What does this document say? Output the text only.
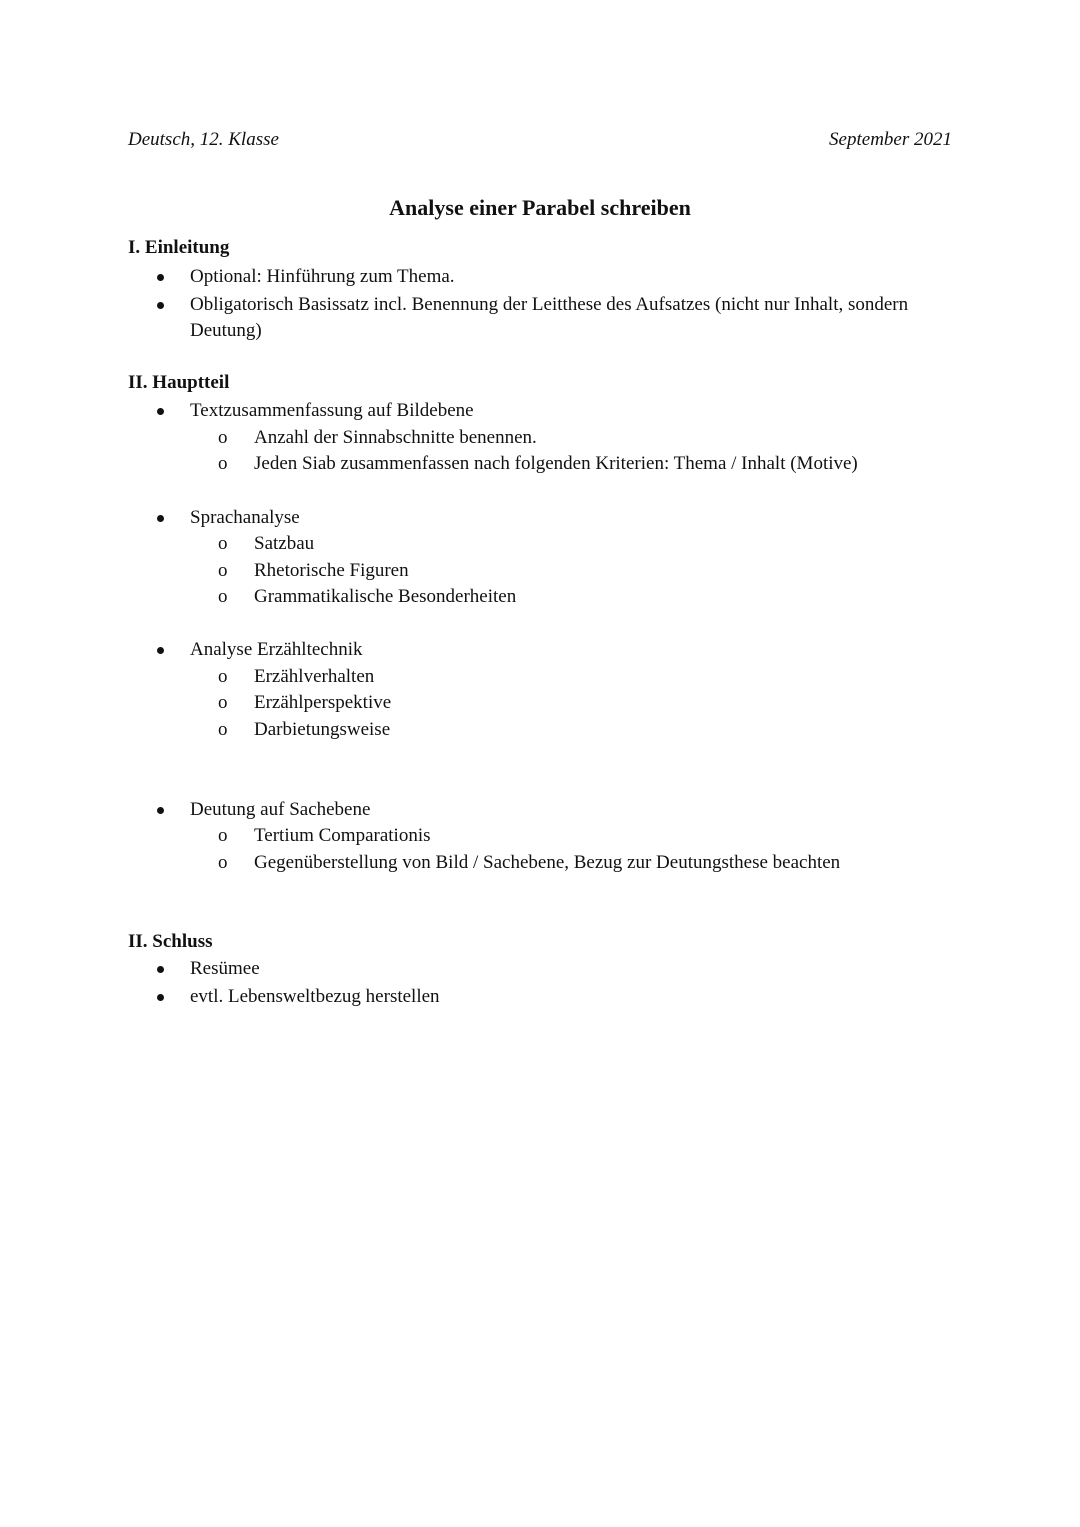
Deutsch, 12. Klasse	September 2021
Analyse einer Parabel schreiben
I. Einleitung
Optional: Hinführung zum Thema.
Obligatorisch Basissatz incl. Benennung der Leitthese des Aufsatzes (nicht nur Inhalt, sondern Deutung)
II. Hauptteil
Textzusammenfassung auf Bildebene
o Anzahl der Sinnabschnitte benennen.
o Jeden Siab zusammenfassen nach folgenden Kriterien: Thema / Inhalt (Motive)
Sprachanalyse
o Satzbau
o Rhetorische Figuren
o Grammatikalische Besonderheiten
Analyse Erzähltechnik
o Erzählverhalten
o Erzählperspektive
o Darbietungsweise
Deutung auf Sachebene
o Tertium Comparationis
o Gegenüberstellung von Bild / Sachebene, Bezug zur Deutungsthese beachten
II. Schluss
Resümee
evtl. Lebensweltbezug herstellen
